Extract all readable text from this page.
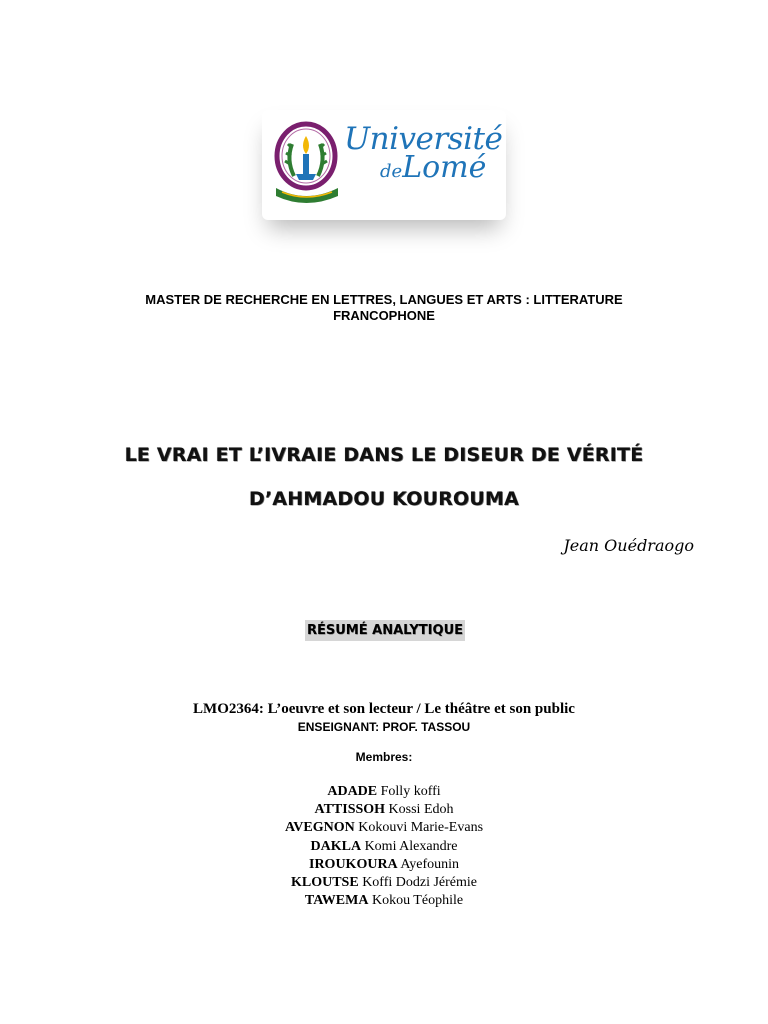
Université
deLomé
MASTER DE RECHERCHE EN LETTRES, LANGUES ET ARTS : LITTERATURE
FRANCOPHONE
LE VRAI ET L’IVRAIE DANS LE DISEUR DE VÉRITÉ
D’AHMADOU KOUROUMA
Jean Ouédraogo
RÉSUMÉ ANALYTIQUE
LMO2364: L’oeuvre et son lecteur / Le théâtre et son public
ENSEIGNANT: PROF. TASSOU
Membres:
ADADE Folly koffi
ATTISSOH Kossi Edoh
AVEGNON Kokouvi Marie-Evans
DAKLA Komi Alexandre
IROUKOURA Ayefounin
KLOUTSE Koffi Dodzi Jérémie
TAWEMA Kokou Téophile
